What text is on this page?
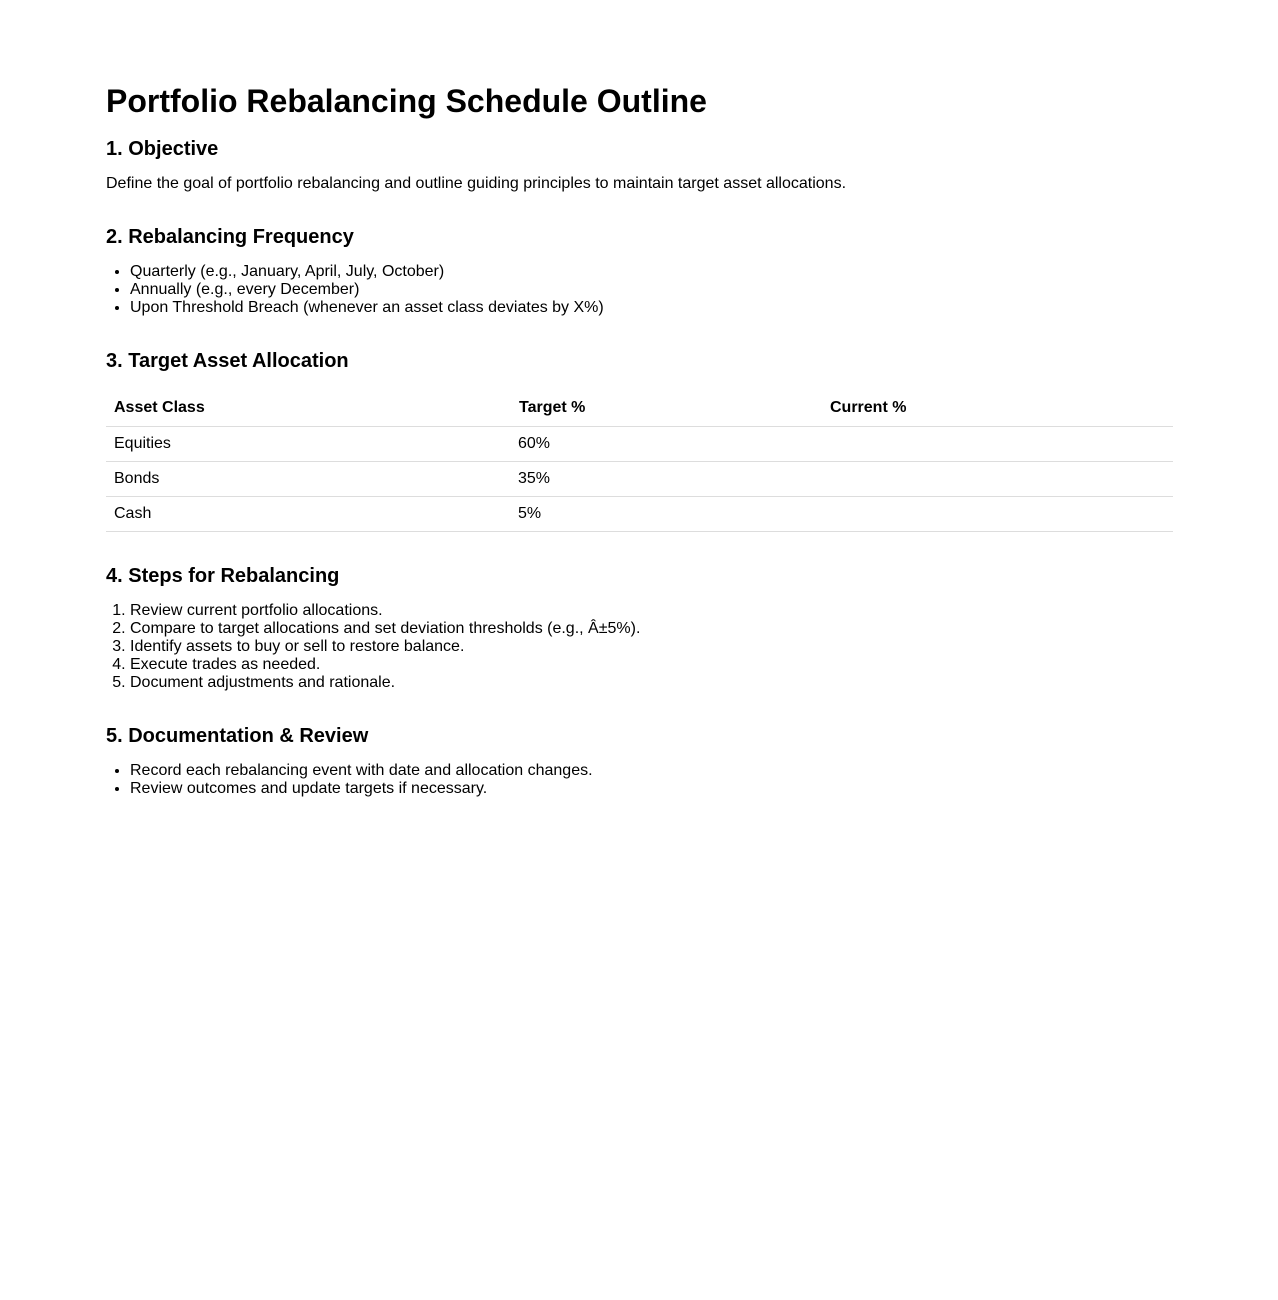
Portfolio Rebalancing Schedule Outline
1. Objective

Define the goal of portfolio rebalancing and outline guiding principles to maintain target asset allocations.

2. Rebalancing Frequency
• Quarterly (e.g., January, April, July, October)
• Annually (e.g., every December)
• Upon Threshold Breach (whenever an asset class deviates by X%)
3. Target Asset Allocation
Asset Class	Target %	Current %
Equities	60%	
Bonds	35%	
Cash	5%	
4. Steps for Rebalancing
1. Review current portfolio allocations.
2. Compare to target allocations and set deviation thresholds (e.g., Â±5%).
3. Identify assets to buy or sell to restore balance.
4. Execute trades as needed.
5. Document adjustments and rationale.
5. Documentation & Review
• Record each rebalancing event with date and allocation changes.
• Review outcomes and update targets if necessary.
